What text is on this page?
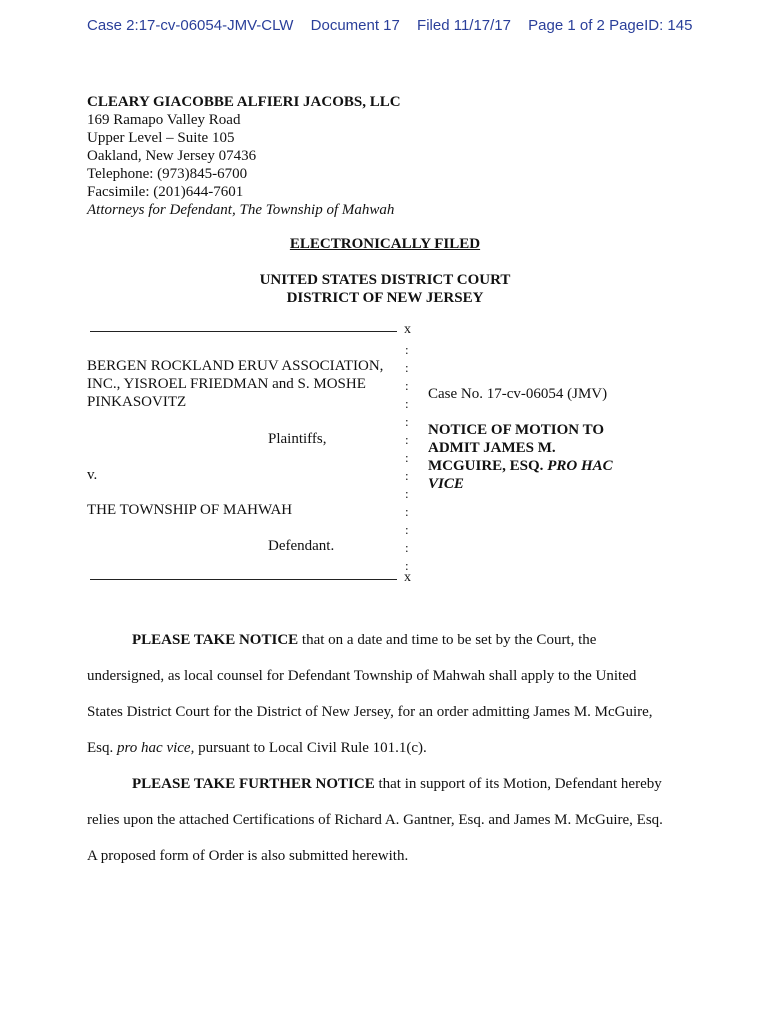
Case 2:17-cv-06054-JMV-CLW Document 17 Filed 11/17/17 Page 1 of 2 PageID: 145
CLEARY GIACOBBE ALFIERI JACOBS, LLC
169 Ramapo Valley Road
Upper Level – Suite 105
Oakland, New Jersey 07436
Telephone: (973)845-6700
Facsimile: (201)644-7601
Attorneys for Defendant, The Township of Mahwah
ELECTRONICALLY FILED
UNITED STATES DISTRICT COURT
DISTRICT OF NEW JERSEY
x
:
:
:
:
:
:
:
:
:
:
:
:
:
BERGEN ROCKLAND ERUV ASSOCIATION,
INC., YISROEL FRIEDMAN and S. MOSHE
PINKASOVITZ
Plaintiffs,
v.
THE TOWNSHIP OF MAHWAH
Defendant.
x
Case No. 17-cv-06054 (JMV)
NOTICE OF MOTION TO
ADMIT JAMES M.
MCGUIRE, ESQ. PRO HAC
VICE

PLEASE TAKE NOTICE that on a date and time to be set by the Court, the

undersigned, as local counsel for Defendant Township of Mahwah shall apply to the United

States District Court for the District of New Jersey, for an order admitting James M. McGuire,

Esq. pro hac vice, pursuant to Local Civil Rule 101.1(c).

PLEASE TAKE FURTHER NOTICE that in support of its Motion, Defendant hereby

relies upon the attached Certifications of Richard A. Gantner, Esq. and James M. McGuire, Esq.

A proposed form of Order is also submitted herewith.
